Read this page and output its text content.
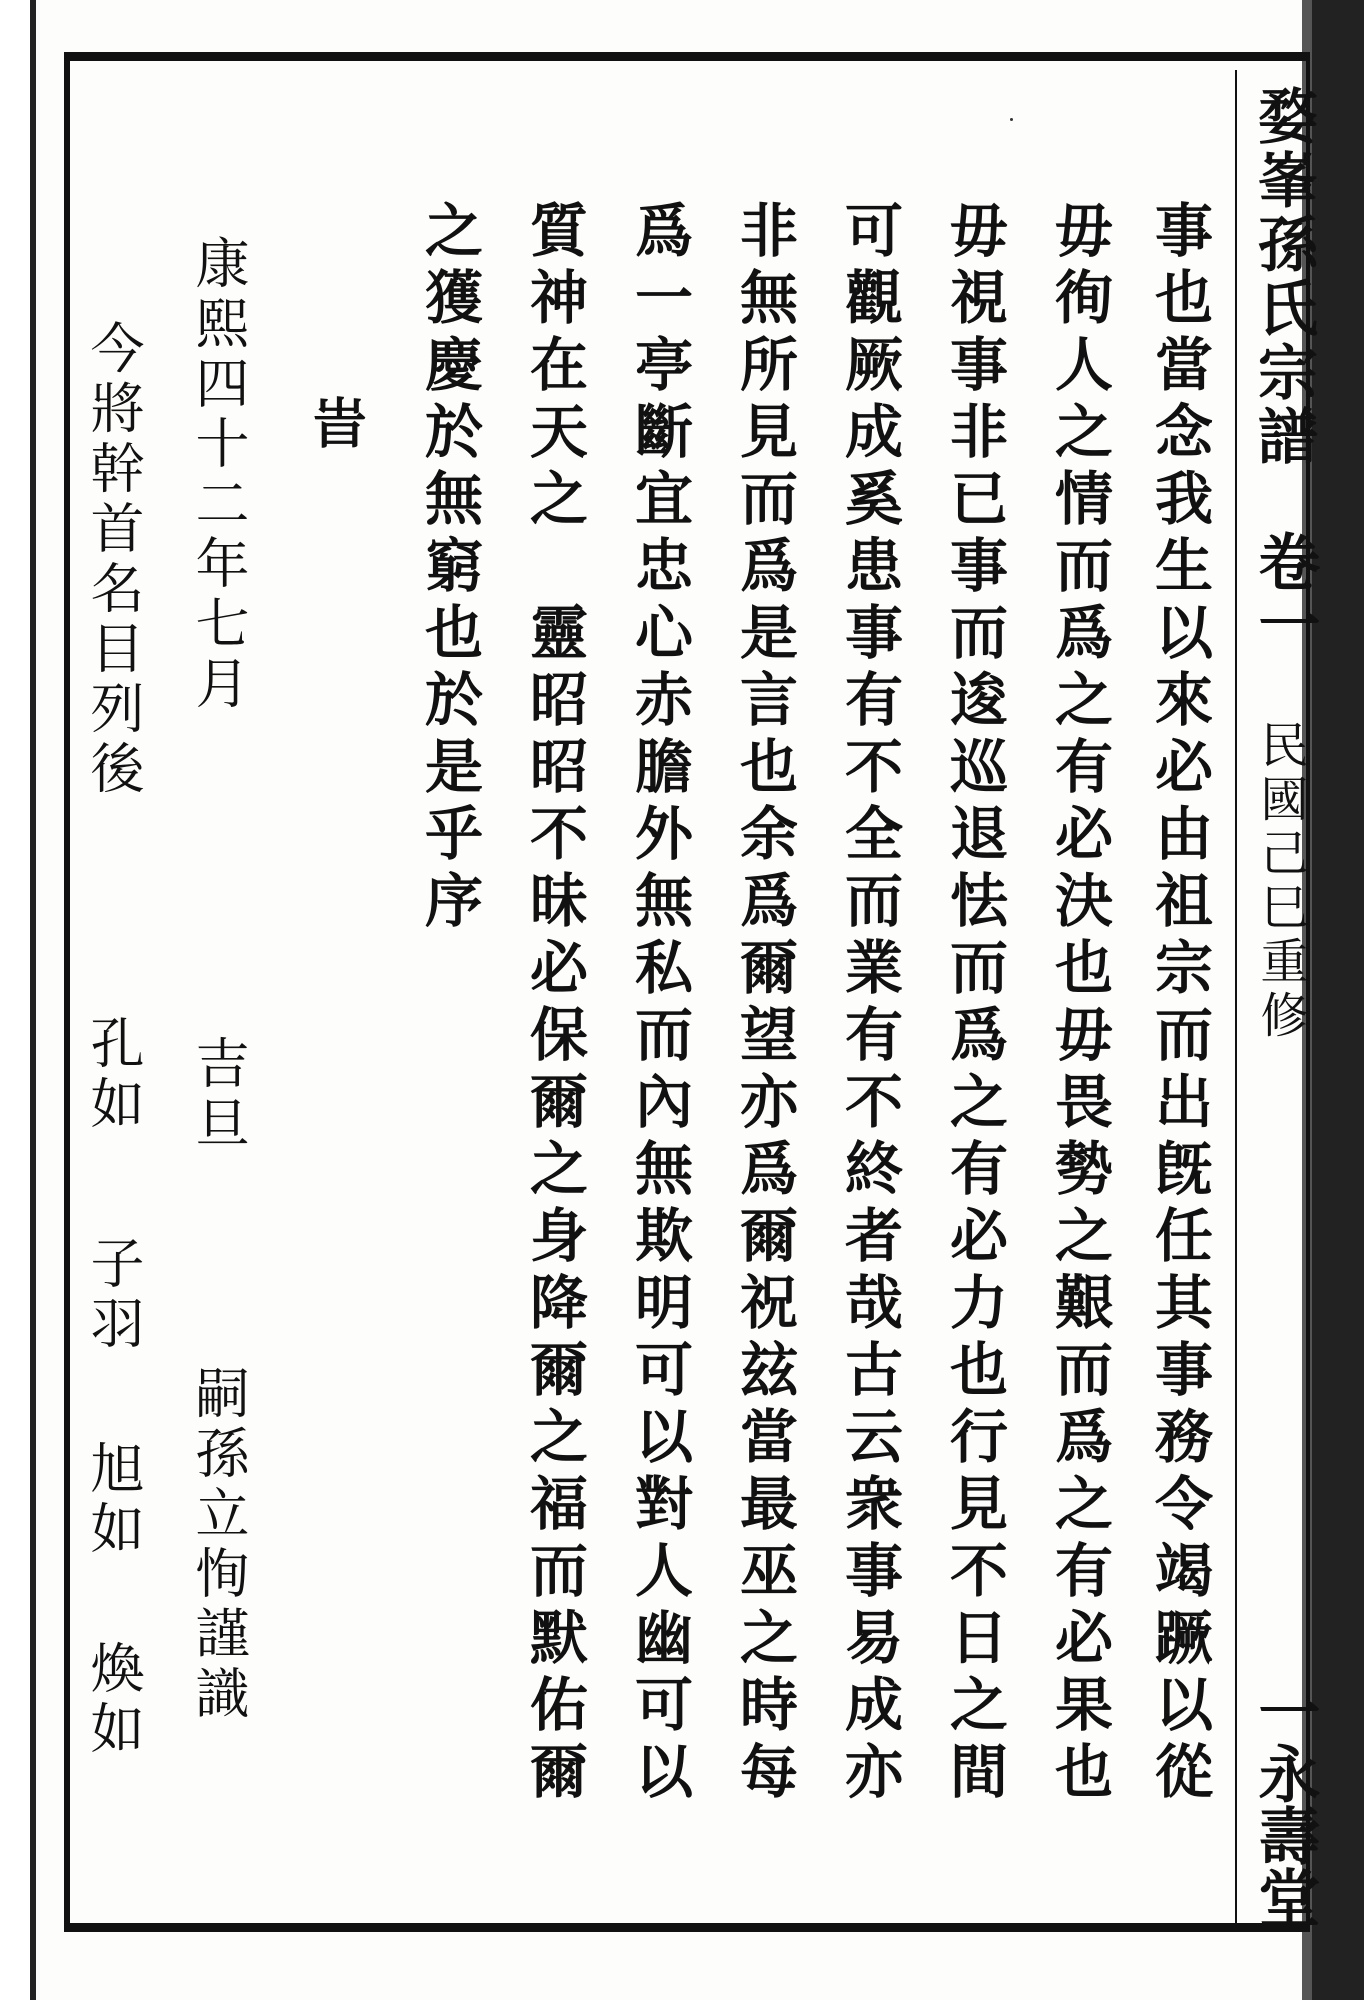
婺峯孫氏宗譜
卷一
民國己巳重修
一永壽堂
事也當念我生以來必由祖宗而出旣任其事務令竭蹶以從
毋徇人之情而爲之有必決也毋畏勢之艱而爲之有必果也
毋視事非已事而逡巡退怯而爲之有必力也行見不日之間
可觀厥成奚患事有不全而業有不終者哉古云衆事易成亦
非無所見而爲是言也余爲爾望亦爲爾祝玆當最巫之時每
爲一亭斷宜忠心赤膽外無私而內無欺明可以對人幽可以
質神在天之　靈昭昭不昧必保爾之身降爾之福而默佑爾
之獲慶於無窮也於是乎序
旹
康熙四十二年七月
吉旦
嗣孫立恂謹識
今將幹首名目列後
孔如
子羽
旭如
煥如
